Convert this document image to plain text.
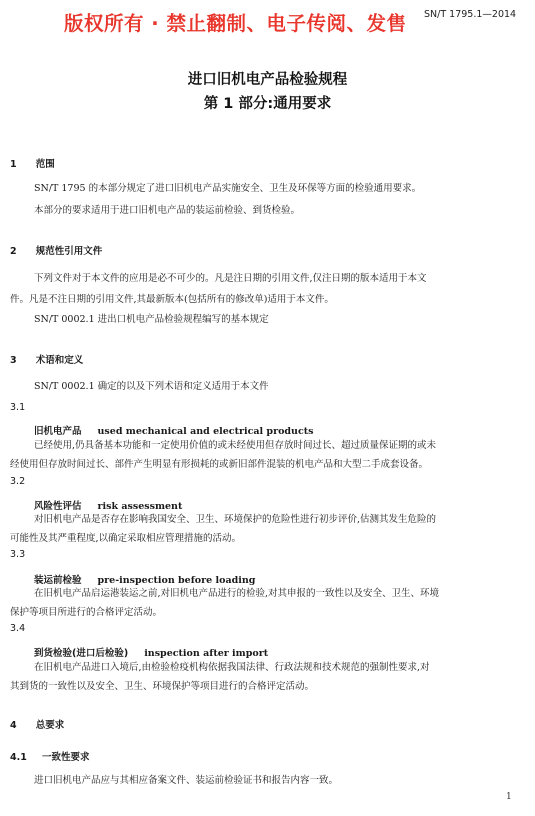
版权所有 · 禁止翻制、电子传阅、发售 SN/T 1795.1—2014
进口旧机电产品检验规程
第 1 部分:通用要求
1 范围
SN/T 1795 的本部分规定了进口旧机电产品实施安全、卫生及环保等方面的检验通用要求。
本部分的要求适用于进口旧机电产品的装运前检验、到货检验。
2 规范性引用文件
下列文件对于本文件的应用是必不可少的。凡是注日期的引用文件,仅注日期的版本适用于本文
件。凡是不注日期的引用文件,其最新版本(包括所有的修改单)适用于本文件。
SN/T 0002.1 进出口机电产品检验规程编写的基本规定
3 术语和定义
SN/T 0002.1 确定的以及下列术语和定义适用于本文件
3.1
旧机电产品 used mechanical and electrical products
已经使用,仍具备基本功能和一定使用价值的或未经使用但存放时间过长、超过质量保证期的或未
经使用但存放时间过长、部件产生明显有形损耗的或新旧部件混装的机电产品和大型二手成套设备。
3.2
风险性评估 risk assessment
对旧机电产品是否存在影响我国安全、卫生、环境保护的危险性进行初步评价,估测其发生危险的
可能性及其严重程度,以确定采取相应管理措施的活动。
3.3
装运前检验 pre-inspection before loading
在旧机电产品启运港装运之前,对旧机电产品进行的检验,对其申报的一致性以及安全、卫生、环境
保护等项目所进行的合格评定活动。
3.4
到货检验(进口后检验) inspection after import
在旧机电产品进口入境后,由检验检疫机构依据我国法律、行政法规和技术规范的强制性要求,对
其到货的一致性以及安全、卫生、环境保护等项目进行的合格评定活动。
4 总要求
4.1 一致性要求
进口旧机电产品应与其相应备案文件、装运前检验证书和报告内容一致。
1
